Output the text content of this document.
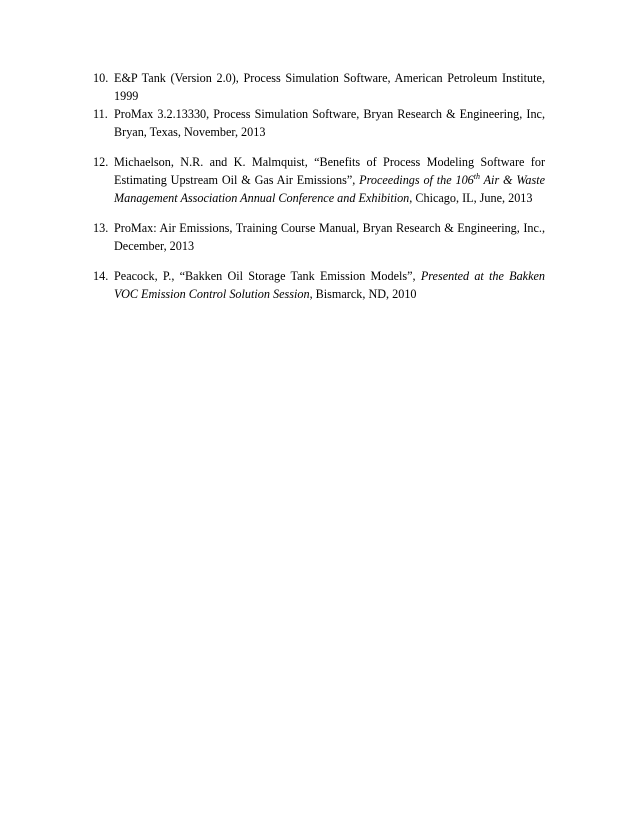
10. E&P Tank (Version 2.0), Process Simulation Software, American Petroleum Institute, 1999
11. ProMax 3.2.13330, Process Simulation Software, Bryan Research & Engineering, Inc, Bryan, Texas, November, 2013
12. Michaelson, N.R. and K. Malmquist, “Benefits of Process Modeling Software for Estimating Upstream Oil & Gas Air Emissions”, Proceedings of the 106th Air & Waste Management Association Annual Conference and Exhibition, Chicago, IL, June, 2013
13. ProMax: Air Emissions, Training Course Manual, Bryan Research & Engineering, Inc., December, 2013
14. Peacock, P., “Bakken Oil Storage Tank Emission Models”, Presented at the Bakken VOC Emission Control Solution Session, Bismarck, ND, 2010
